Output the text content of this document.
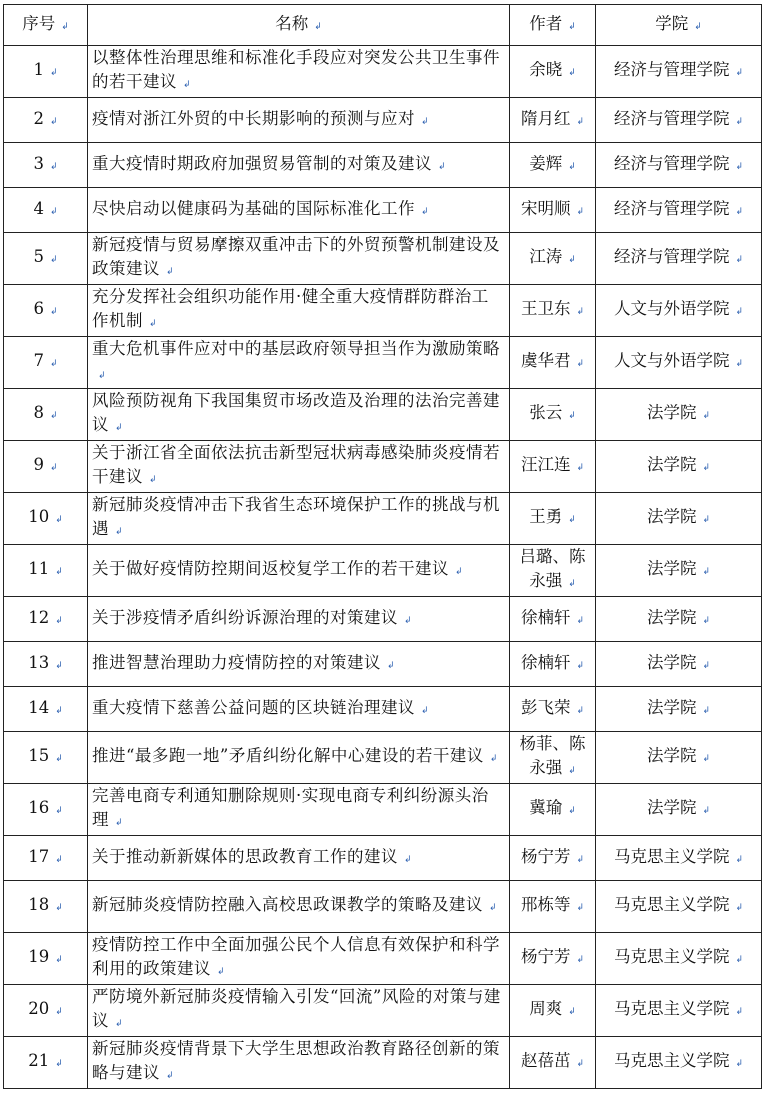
序号 ↲	名称 ↲	作者 ↲	学院 ↲
1 ↲	以整体性治理思维和标准化手段应对突发公共卫生事件的若干建议 ↲	余晓 ↲	经济与管理学院 ↲
2 ↲	疫情对浙江外贸的中长期影响的预测与应对 ↲	隋月红 ↲	经济与管理学院 ↲
3 ↲	重大疫情时期政府加强贸易管制的对策及建议 ↲	姜辉 ↲	经济与管理学院 ↲
4 ↲	尽快启动以健康码为基础的国际标准化工作 ↲	宋明顺 ↲	经济与管理学院 ↲
5 ↲	新冠疫情与贸易摩擦双重冲击下的外贸预警机制建设及政策建议 ↲	江涛 ↲	经济与管理学院 ↲
6 ↲	充分发挥社会组织功能作用·健全重大疫情群防群治工作机制 ↲	王卫东 ↲	人文与外语学院 ↲
7 ↲	重大危机事件应对中的基层政府领导担当作为激励策略↲	虞华君 ↲	人文与外语学院 ↲
8 ↲	风险预防视角下我国集贸市场改造及治理的法治完善建议 ↲	张云 ↲	法学院 ↲
9 ↲	关于浙江省全面依法抗击新型冠状病毒感染肺炎疫情若干建议 ↲	汪江连 ↲	法学院 ↲
10 ↲	新冠肺炎疫情冲击下我省生态环境保护工作的挑战与机遇 ↲	王勇 ↲	法学院 ↲
11 ↲	关于做好疫情防控期间返校复学工作的若干建议 ↲	吕璐、陈永强 ↲	法学院 ↲
12 ↲	关于涉疫情矛盾纠纷诉源治理的对策建议 ↲	徐楠轩 ↲	法学院 ↲
13 ↲	推进智慧治理助力疫情防控的对策建议 ↲	徐楠轩 ↲	法学院 ↲
14 ↲	重大疫情下慈善公益问题的区块链治理建议 ↲	彭飞荣 ↲	法学院 ↲
15 ↲	推进“最多跑一地”矛盾纠纷化解中心建设的若干建议 ↲	杨菲、陈永强 ↲	法学院 ↲
16 ↲	完善电商专利通知删除规则·实现电商专利纠纷源头治理 ↲	冀瑜 ↲	法学院 ↲
17 ↲	关于推动新新媒体的思政教育工作的建议 ↲	杨宁芳 ↲	马克思主义学院 ↲
18 ↲	新冠肺炎疫情防控融入高校思政课教学的策略及建议 ↲	邢栋等 ↲	马克思主义学院 ↲
19 ↲	疫情防控工作中全面加强公民个人信息有效保护和科学利用的政策建议 ↲	杨宁芳 ↲	马克思主义学院 ↲
20 ↲	严防境外新冠肺炎疫情输入引发“回流”风险的对策与建议 ↲	周爽 ↲	马克思主义学院 ↲
21 ↲	新冠肺炎疫情背景下大学生思想政治教育路径创新的策略与建议 ↲	赵蓓茁 ↲	马克思主义学院 ↲
